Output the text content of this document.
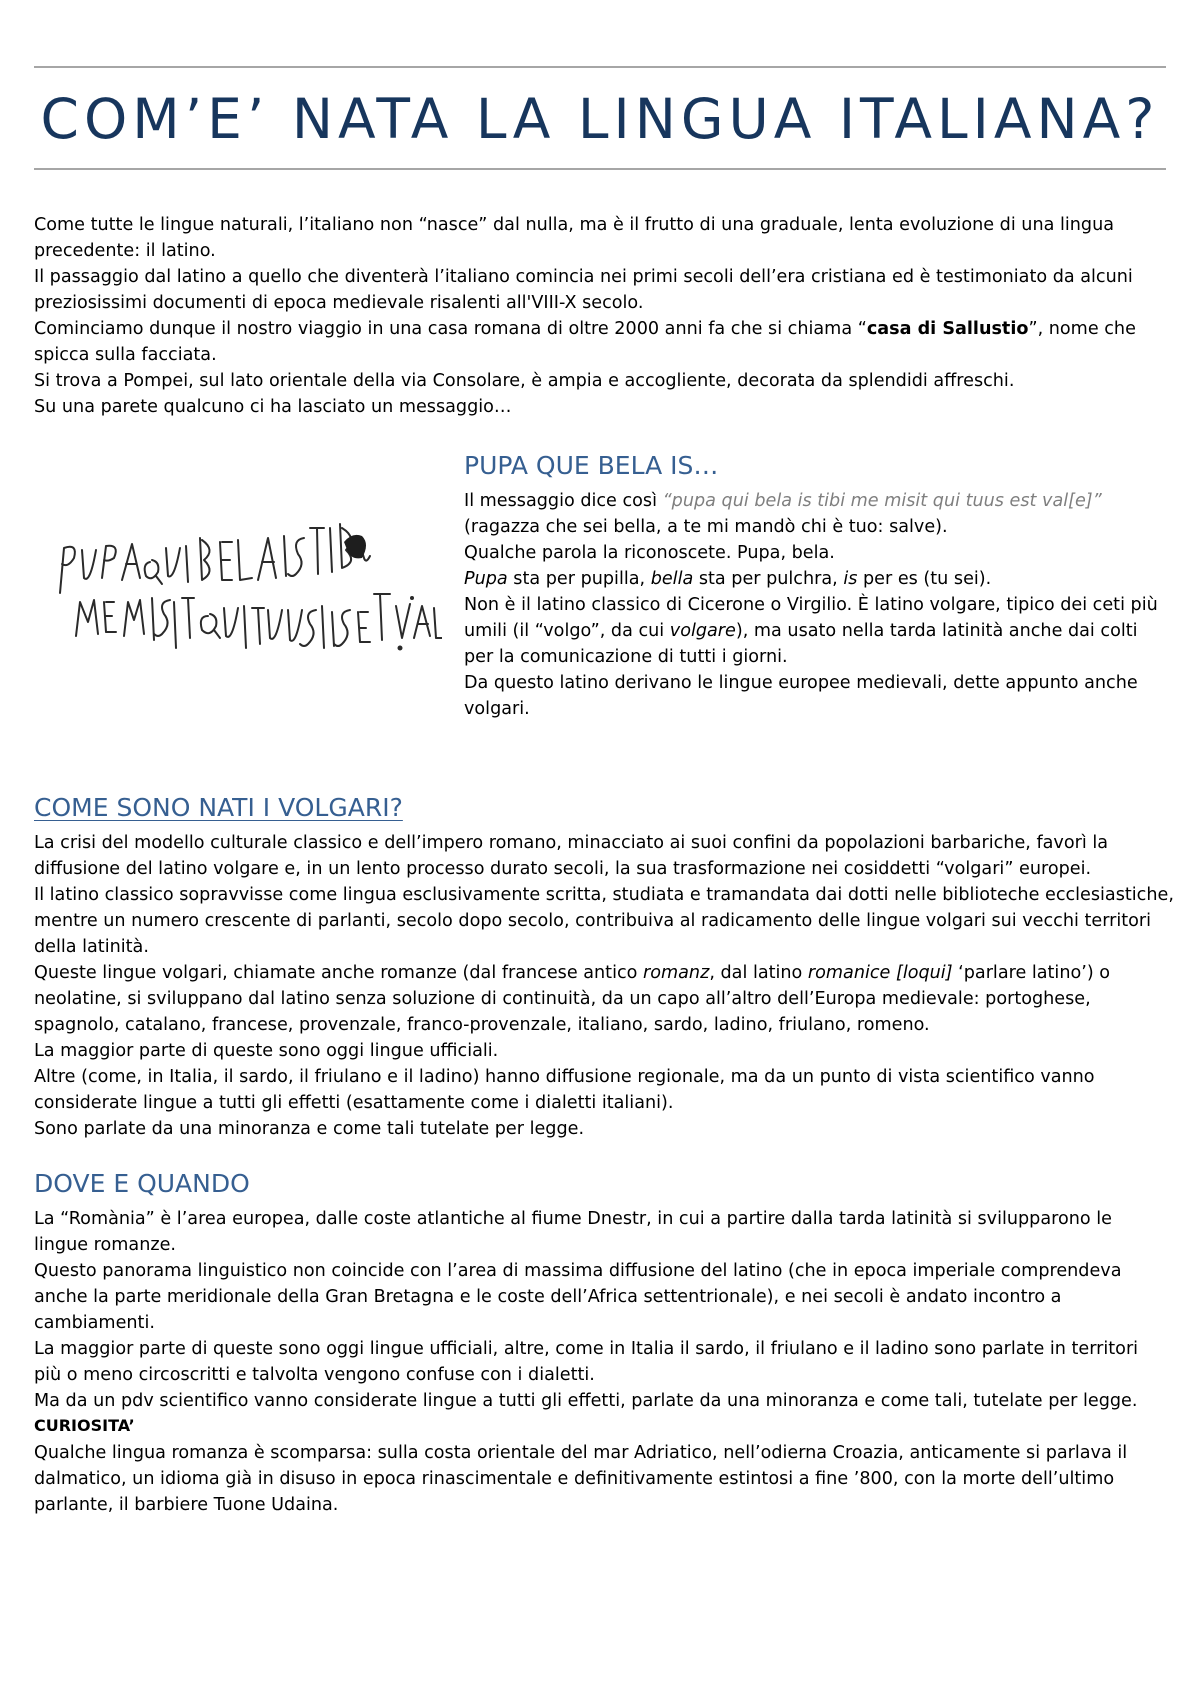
COM’E’ NATA LA LINGUA ITALIANA?

Come tutte le lingue naturali, l’italiano non “nasce” dal nulla, ma è il frutto di una graduale, lenta evoluzione di una lingua precedente: il latino.

Il passaggio dal latino a quello che diventerà l’italiano comincia nei primi secoli dell’era cristiana ed è testimoniato da alcuni preziosissimi documenti di epoca medievale risalenti all'VIII-X secolo.

Cominciamo dunque il nostro viaggio in una casa romana di oltre 2000 anni fa che si chiama “casa di Sallustio”, nome che spicca sulla facciata.

Si trova a Pompei, sul lato orientale della via Consolare, è ampia e accogliente, decorata da splendidi affreschi.

Su una parete qualcuno ci ha lasciato un messaggio…

PUPA QUE BELA IS…

Il messaggio dice così “pupa qui bela is tibi me misit qui tuus est val[e]”

(ragazza che sei bella, a te mi mandò chi è tuo: salve).

Qualche parola la riconoscete. Pupa, bela.

Pupa sta per pupilla, bella sta per pulchra, is per es (tu sei).

Non è il latino classico di Cicerone o Virgilio. È latino volgare, tipico dei ceti più umili (il “volgo”, da cui volgare), ma usato nella tarda latinità anche dai colti per la comunicazione di tutti i giorni.

Da questo latino derivano le lingue europee medievali, dette appunto anche volgari.

COME SONO NATI I VOLGARI?

La crisi del modello culturale classico e dell’impero romano, minacciato ai suoi confini da popolazioni barbariche, favorì la diffusione del latino volgare e, in un lento processo durato secoli, la sua trasformazione nei cosiddetti “volgari” europei.

Il latino classico sopravvisse come lingua esclusivamente scritta, studiata e tramandata dai dotti nelle biblioteche ecclesiastiche, mentre un numero crescente di parlanti, secolo dopo secolo, contribuiva al radicamento delle lingue volgari sui vecchi territori della latinità.

Queste lingue volgari, chiamate anche romanze (dal francese antico romanz, dal latino romanice [loqui] ‘parlare latino’) o neolatine, si sviluppano dal latino senza soluzione di continuità, da un capo all’altro dell’Europa medievale: portoghese, spagnolo, catalano, francese, provenzale, franco-provenzale, italiano, sardo, ladino, friulano, romeno.

La maggior parte di queste sono oggi lingue ufficiali.

Altre (come, in Italia, il sardo, il friulano e il ladino) hanno diffusione regionale, ma da un punto di vista scientifico vanno considerate lingue a tutti gli effetti (esattamente come i dialetti italiani).

Sono parlate da una minoranza e come tali tutelate per legge.

DOVE E QUANDO

La “Romània” è l’area europea, dalle coste atlantiche al fiume Dnestr, in cui a partire dalla tarda latinità si svilupparono le lingue romanze.

Questo panorama linguistico non coincide con l’area di massima diffusione del latino (che in epoca imperiale comprendeva anche la parte meridionale della Gran Bretagna e le coste dell’Africa settentrionale), e nei secoli è andato incontro a cambiamenti.

La maggior parte di queste sono oggi lingue ufficiali, altre, come in Italia il sardo, il friulano e il ladino sono parlate in territori più o meno circoscritti e talvolta vengono confuse con i dialetti.

Ma da un pdv scientifico vanno considerate lingue a tutti gli effetti, parlate da una minoranza e come tali, tutelate per legge.

CURIOSITA’

Qualche lingua romanza è scomparsa: sulla costa orientale del mar Adriatico, nell’odierna Croazia, anticamente si parlava il dalmatico, un idioma già in disuso in epoca rinascimentale e definitivamente estintosi a fine ’800, con la morte dell’ultimo parlante, il barbiere Tuone Udaina.
